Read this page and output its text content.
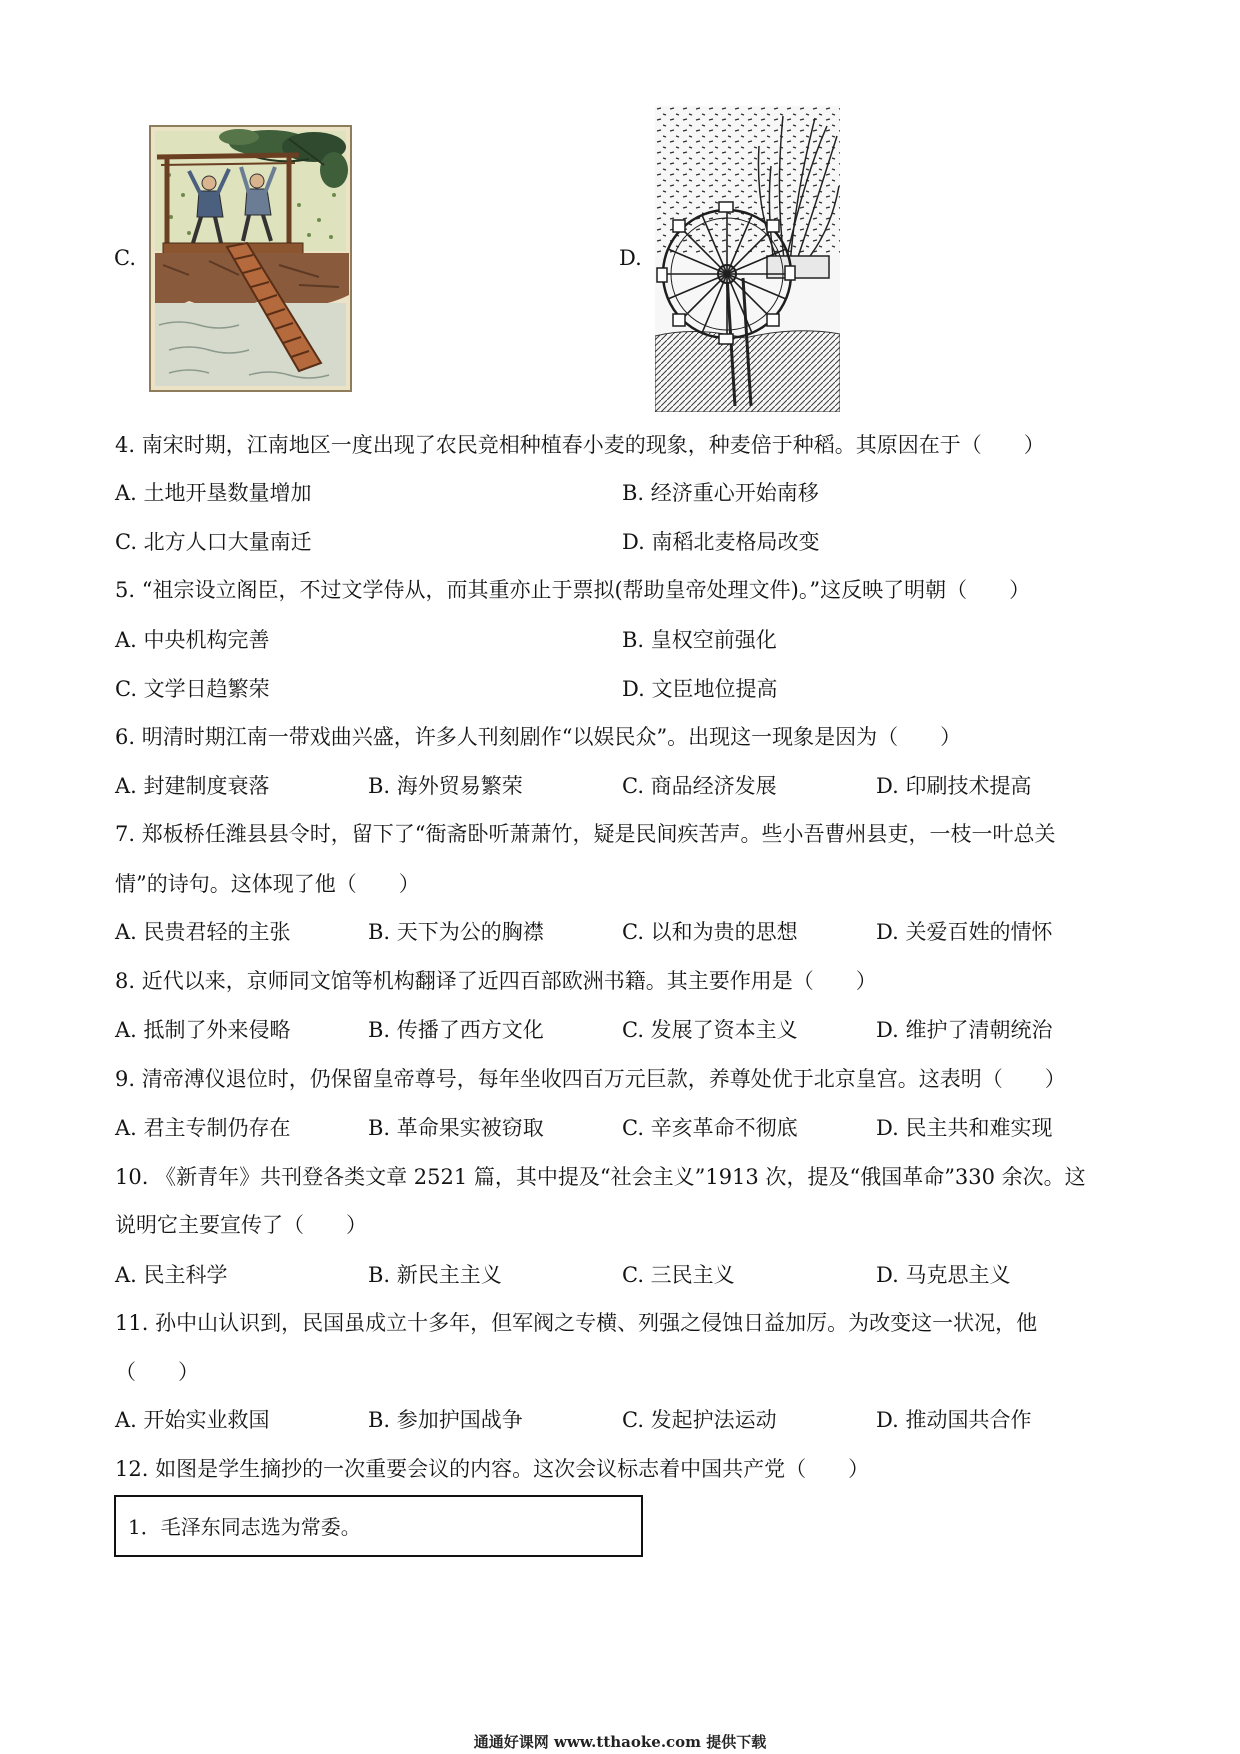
C.	D.
4. 南宋时期，江南地区一度出现了农民竞相种植春小麦的现象，种麦倍于种稻。其原因在于（　　）
A. 土地开垦数量增加	B. 经济重心开始南移
C. 北方人口大量南迁	D. 南稻北麦格局改变
5. “祖宗设立阁臣，不过文学侍从，而其重亦止于票拟(帮助皇帝处理文件)。”这反映了明朝（　　）
A. 中央机构完善	B. 皇权空前强化
C. 文学日趋繁荣	D. 文臣地位提高
6. 明清时期江南一带戏曲兴盛，许多人刊刻剧作“以娱民众”。出现这一现象是因为（　　）
A. 封建制度衰落	B. 海外贸易繁荣	C. 商品经济发展	D. 印刷技术提高
7. 郑板桥任潍县县令时，留下了“衙斋卧听萧萧竹，疑是民间疾苦声。些小吾曹州县吏，一枝一叶总关
情”的诗句。这体现了他（　　）
A. 民贵君轻的主张	B. 天下为公的胸襟	C. 以和为贵的思想	D. 关爱百姓的情怀
8. 近代以来，京师同文馆等机构翻译了近四百部欧洲书籍。其主要作用是（　　）
A. 抵制了外来侵略	B. 传播了西方文化	C. 发展了资本主义	D. 维护了清朝统治
9. 清帝溥仪退位时，仍保留皇帝尊号，每年坐收四百万元巨款，养尊处优于北京皇宫。这表明（　　）
A. 君主专制仍存在	B. 革命果实被窃取	C. 辛亥革命不彻底	D. 民主共和难实现
10. 《新青年》共刊登各类文章 2521 篇，其中提及“社会主义”1913 次，提及“俄国革命”330 余次。这
说明它主要宣传了（　　）
A. 民主科学	B. 新民主主义	C. 三民主义	D. 马克思主义
11. 孙中山认识到，民国虽成立十多年，但军阀之专横、列强之侵蚀日益加厉。为改变这一状况，他
（　　）
A. 开始实业救国	B. 参加护国战争	C. 发起护法运动	D. 推动国共合作
12. 如图是学生摘抄的一次重要会议的内容。这次会议标志着中国共产党（　　）
1．毛泽东同志选为常委。
通通好课网 www.tthaoke.com 提供下载
